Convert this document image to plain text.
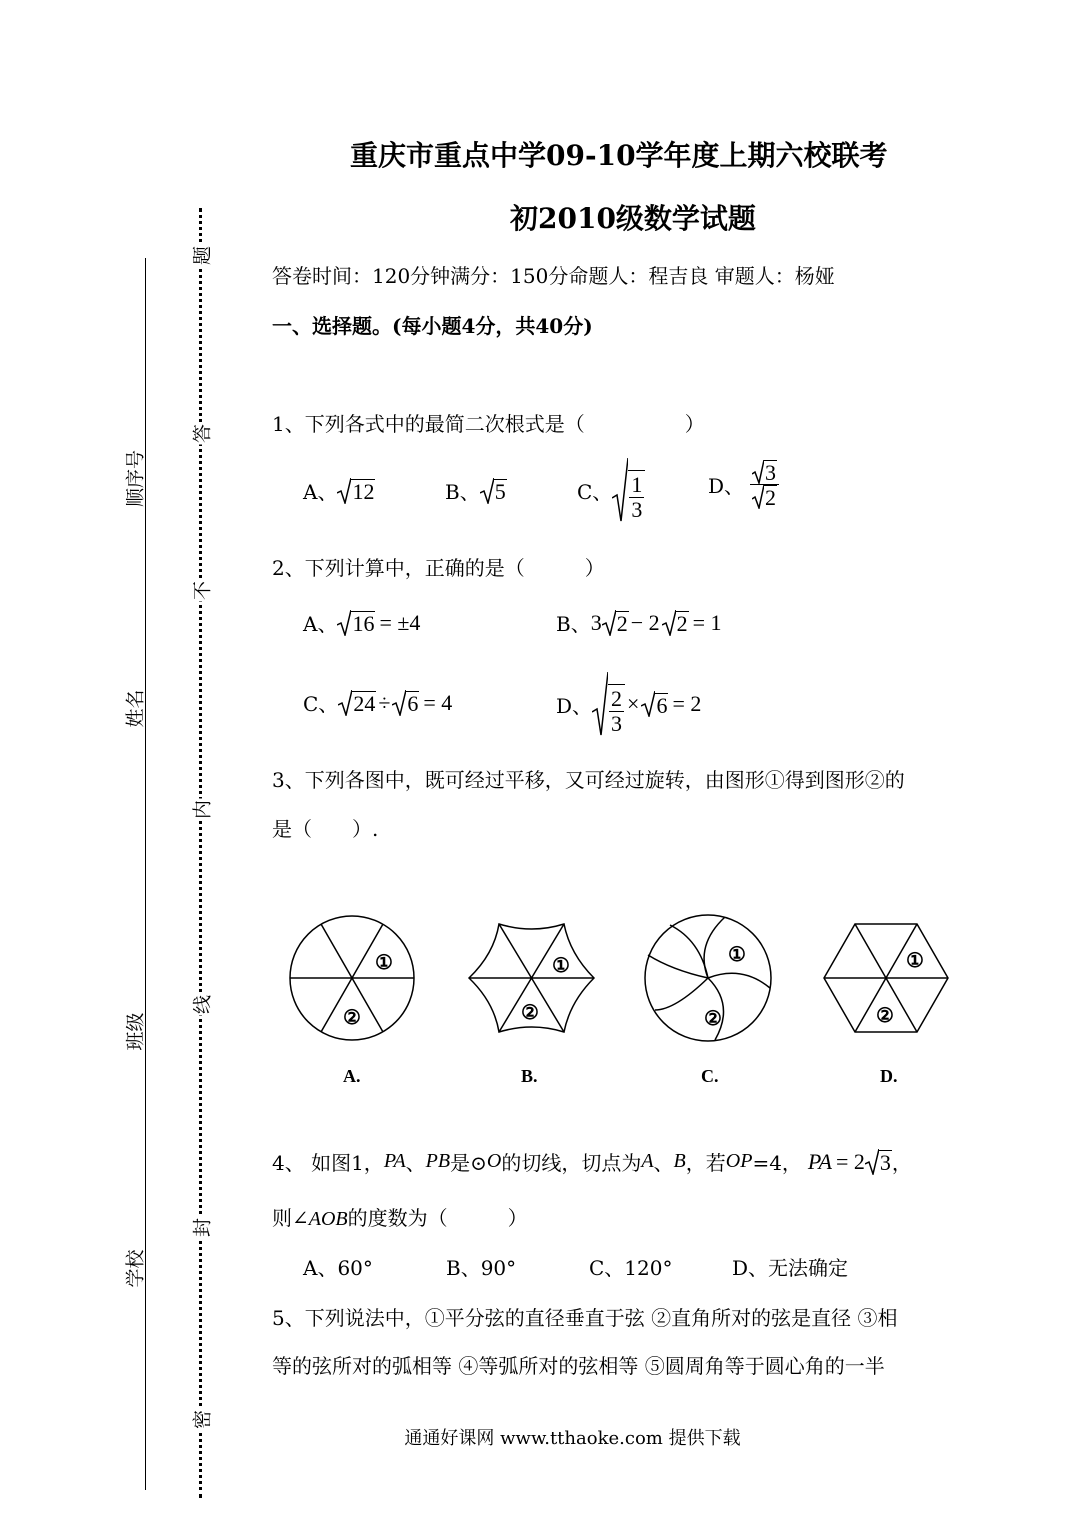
顺序号
姓名
班级
学校
题
答
不
内
线
封
密
重庆市重点中学09-10学年度上期六校联考
初2010级数学试题
答卷时间：120分钟满分：150分命题人：程吉良 审题人：杨娅
一、选择题。(每小题4分，共40分)
1、下列各式中的最简二次根式是（　　　　　）
A、 12	B、 5	C、 $\frac{1}{3}$	D、 $\frac{3}{2}$
2、下列计算中，正确的是（　　　）
A、 16 = ±4	B、 3 2 − 2 2 = 1
C、 24 ÷ 6 = 4	D、 $\frac{2}{3} \times 6 = 2$
3、下列各图中，既可经过平移，又可经过旋转，由图形①得到图形②的
是（　　）.
①
②
①
②
①
②
①
②
A.	B.	C.	D.
4、 如图1， PA 、 PB 是⊙ O 的切线，切点为 A 、 B ，若 OP =4， PA = 2 3 ，
则∠AOB的度数为（　　　）
A、60°	B、90°	C、120°	D、无法确定
5、下列说法中，①平分弦的直径垂直于弦 ②直角所对的弦是直径 ③相
等的弦所对的弧相等 ④等弧所对的弦相等 ⑤圆周角等于圆心角的一半
通通好课网 www.tthaoke.com 提供下载
